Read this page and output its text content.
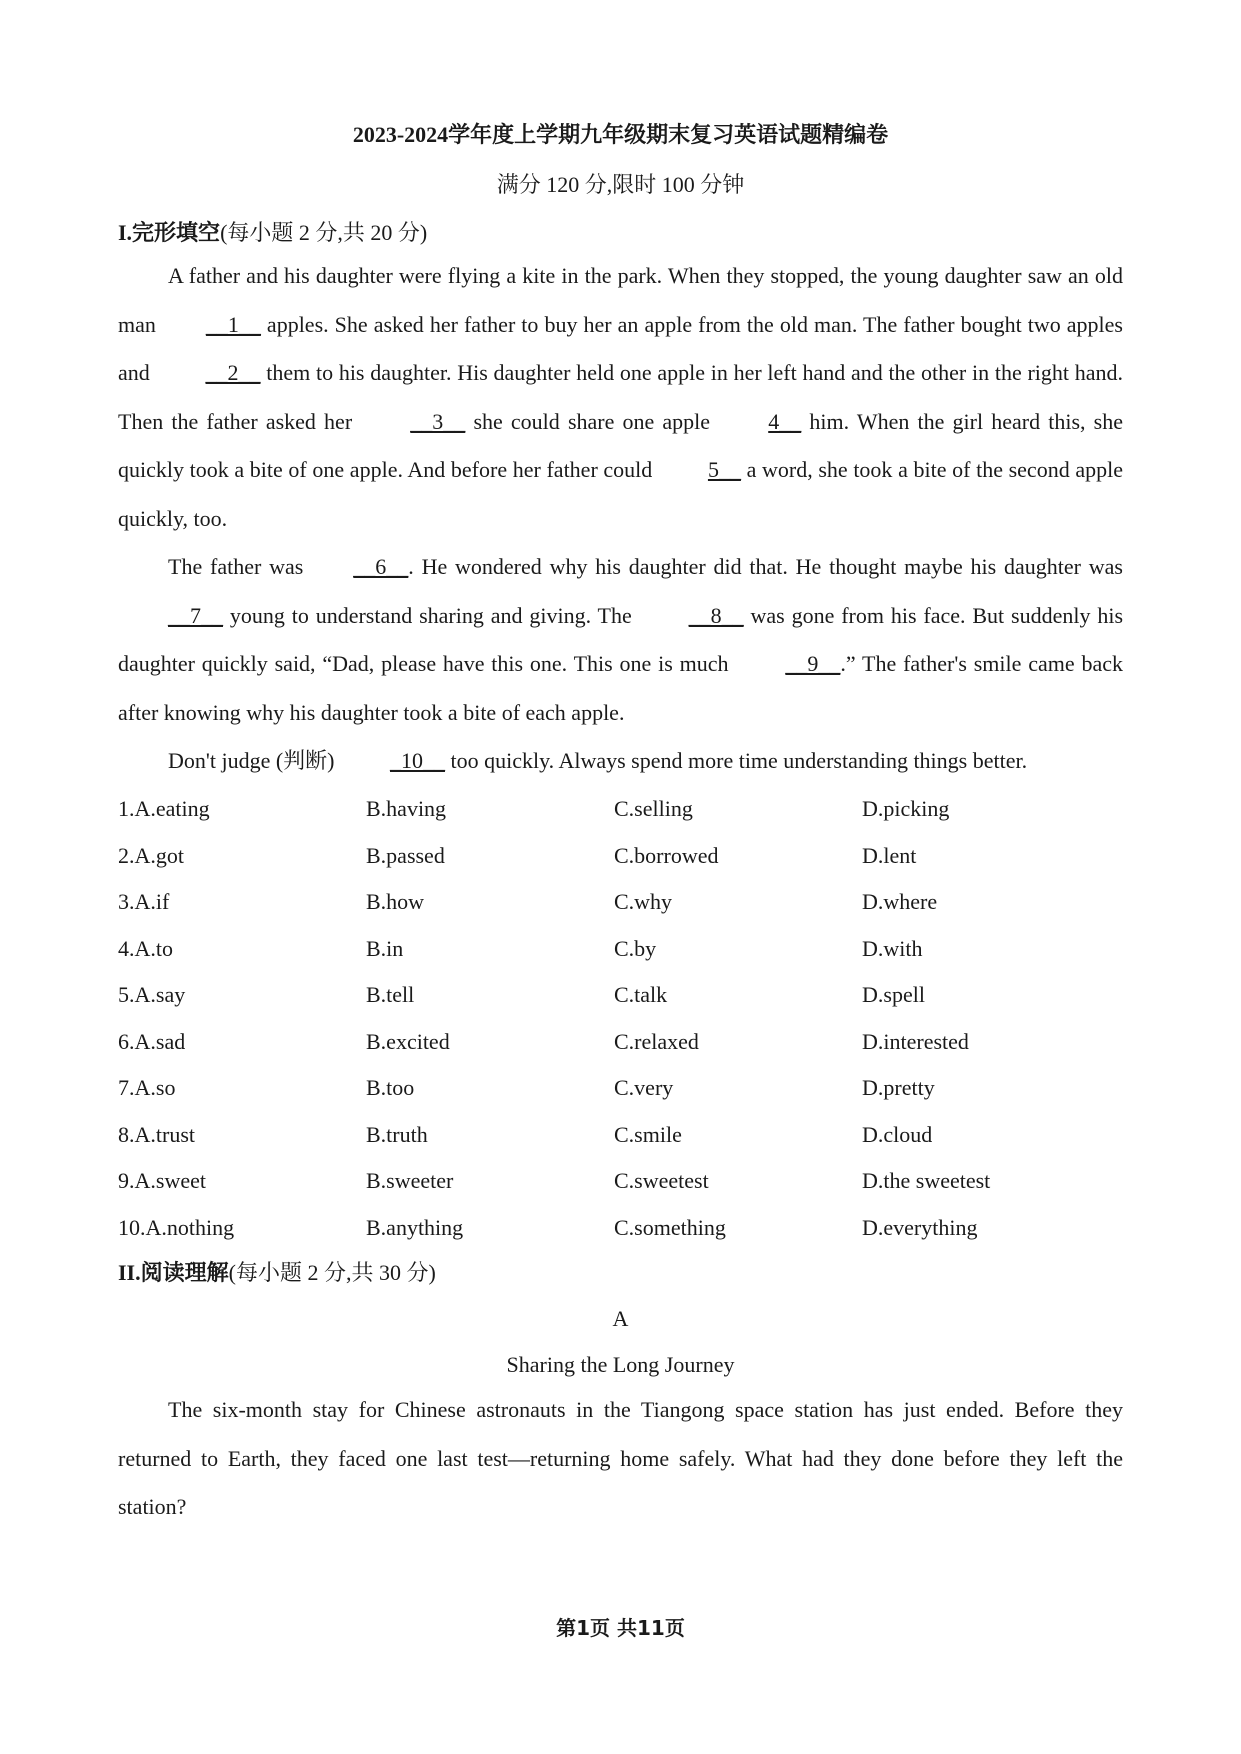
2023-2024学年度上学期九年级期末复习英语试题精编卷
满分 120 分,限时 100 分钟
I.完形填空(每小题 2 分,共 20 分)

A father and his daughter were flying a kite in the park. When they stopped, the young daughter saw an old man __1__ apples. She asked her father to buy her an apple from the old man. The father bought two apples and __2__ them to his daughter. His daughter held one apple in her left hand and the other in the right hand. Then the father asked her __3__ she could share one apple 4__ him. When the girl heard this, she quickly took a bite of one apple. And before her father could 5__ a word, she took a bite of the second apple quickly, too.

The father was __6__. He wondered why his daughter did that. He thought maybe his daughter was __7__ young to understand sharing and giving. The __8__ was gone from his face. But suddenly his daughter quickly said, “Dad, please have this one. This one is much __9__.” The father's smile came back after knowing why his daughter took a bite of each apple.

Don't judge (判断) _10__ too quickly. Always spend more time understanding things better.

1.A.eating	B.having	C.selling	D.picking
2.A.got	B.passed	C.borrowed	D.lent
3.A.if	B.how	C.why	D.where
4.A.to	B.in	C.by	D.with
5.A.say	B.tell	C.talk	D.spell
6.A.sad	B.excited	C.relaxed	D.interested
7.A.so	B.too	C.very	D.pretty
8.A.trust	B.truth	C.smile	D.cloud
9.A.sweet	B.sweeter	C.sweetest	D.the sweetest
10.A.nothing	B.anything	C.something	D.everything
II.阅读理解(每小题 2 分,共 30 分)
A
Sharing the Long Journey

The six-month stay for Chinese astronauts in the Tiangong space station has just ended. Before they returned to Earth, they faced one last test—returning home safely. What had they done before they left the station?

第1页 共11页
